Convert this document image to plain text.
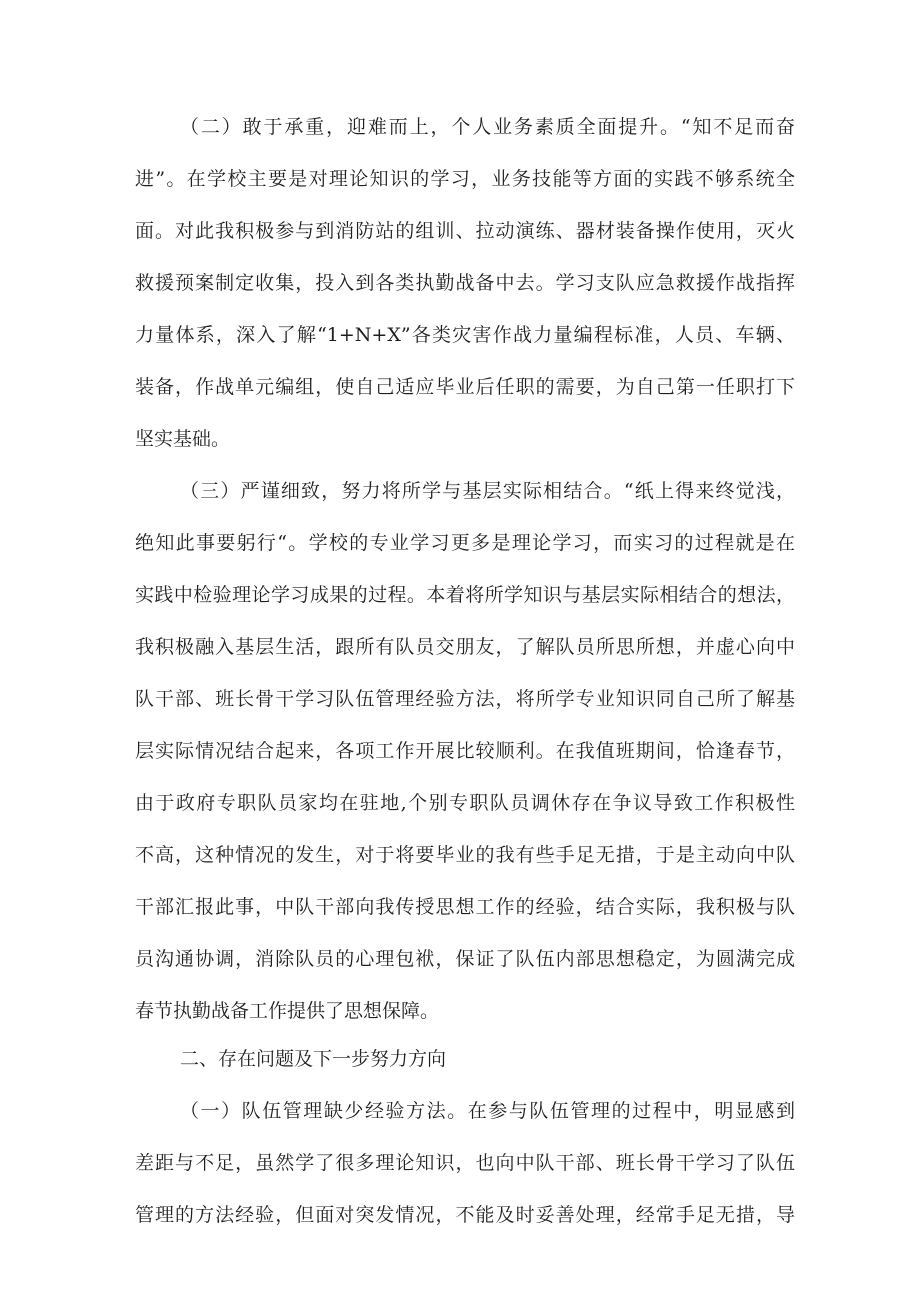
（二）敢于承重，迎难而上，个人业务素质全面提升。“知不足而奋
进”。在学校主要是对理论知识的学习，业务技能等方面的实践不够系统全
面。对此我积极参与到消防站的组训、拉动演练、器材装备操作使用，灭火
救援预案制定收集，投入到各类执勤战备中去。学习支队应急救援作战指挥
力量体系，深入了解“1+N+X”各类灾害作战力量编程标准，人员、车辆、
装备，作战单元编组，使自己适应毕业后任职的需要，为自己第一任职打下
坚实基础。
（三）严谨细致，努力将所学与基层实际相结合。“纸上得来终觉浅，
绝知此事要躬行“。学校的专业学习更多是理论学习，而实习的过程就是在
实践中检验理论学习成果的过程。本着将所学知识与基层实际相结合的想法，
我积极融入基层生活，跟所有队员交朋友，了解队员所思所想，并虚心向中
队干部、班长骨干学习队伍管理经验方法，将所学专业知识同自己所了解基
层实际情况结合起来，各项工作开展比较顺利。在我值班期间，恰逢春节，
由于政府专职队员家均在驻地,个别专职队员调休存在争议导致工作积极性
不高，这种情况的发生，对于将要毕业的我有些手足无措，于是主动向中队
干部汇报此事，中队干部向我传授思想工作的经验，结合实际，我积极与队
员沟通协调，消除队员的心理包袱，保证了队伍内部思想稳定，为圆满完成
春节执勤战备工作提供了思想保障。
二、存在问题及下一步努力方向
（一）队伍管理缺少经验方法。在参与队伍管理的过程中，明显感到
差距与不足，虽然学了很多理论知识，也向中队干部、班长骨干学习了队伍
管理的方法经验，但面对突发情况，不能及时妥善处理，经常手足无措，导
